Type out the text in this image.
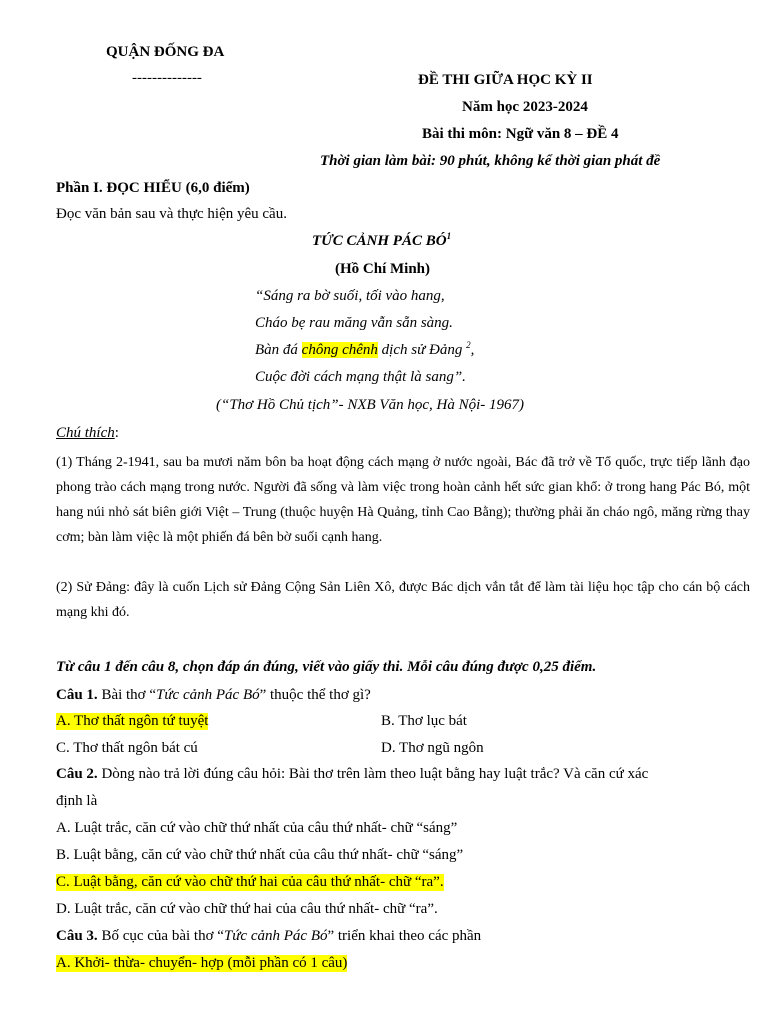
QUẬN ĐỐNG ĐA
--------------	ĐỀ THI GIỮA HỌC KỲ II
Năm học 2023-2024
Bài thi môn: Ngữ văn 8 – ĐỀ 4
Thời gian làm bài: 90 phút, không kể thời gian phát đề
Phần I. ĐỌC HIỂU (6,0 điểm)
Đọc văn bản sau và thực hiện yêu cầu.
TỨC CẢNH PÁC $BÓ^1$
(Hồ Chí Minh)
“Sáng ra bờ suối, tối vào hang,
Cháo bẹ rau măng vẫn sẵn sàng.
Bàn đá chông chênh dịch sử Đảng $^2$,
Cuộc đời cách mạng thật là sang”.
(“Thơ Hồ Chủ tịch”- NXB Văn học, Hà Nội- 1967)
Chú thích:
(1) Tháng 2-1941, sau ba mươi năm bôn ba hoạt động cách mạng ở nước ngoài, Bác đã trở về Tổ quốc, trực tiếp lãnh đạo phong trào cách mạng trong nước. Người đã sống và làm việc trong hoàn cảnh hết sức gian khổ: ở trong hang Pác Bó, một hang núi nhỏ sát biên giới Việt – Trung (thuộc huyện Hà Quảng, tỉnh Cao Bằng); thường phải ăn cháo ngô, măng rừng thay cơm; bàn làm việc là một phiến đá bên bờ suối cạnh hang.
(2) Sử Đảng: đây là cuốn Lịch sử Đảng Cộng Sản Liên Xô, được Bác dịch vắn tắt để làm tài liệu học tập cho cán bộ cách mạng khi đó.
Từ câu 1 đến câu 8, chọn đáp án đúng, viết vào giấy thi. Mỗi câu đúng được 0,25 điểm.
Câu 1. Bài thơ “Tức cảnh Pác Bó” thuộc thể thơ gì?
A. Thơ thất ngôn tứ tuyệt	B. Thơ lục bát
C. Thơ thất ngôn bát cú	D. Thơ ngũ ngôn
Câu 2. Dòng nào trả lời đúng câu hỏi: Bài thơ trên làm theo luật bằng hay luật trắc? Và căn cứ xác
định là
A. Luật trắc, căn cứ vào chữ thứ nhất của câu thứ nhất- chữ “sáng”
B. Luật bằng, căn cứ vào chữ thứ nhất của câu thứ nhất- chữ “sáng”
C. Luật bằng, căn cứ vào chữ thứ hai của câu thứ nhất- chữ “ra”.
D. Luật trắc, căn cứ vào chữ thứ hai của câu thứ nhất- chữ “ra”.
Câu 3. Bố cục của bài thơ “Tức cảnh Pác Bó” triển khai theo các phần
A. Khởi- thừa- chuyển- hợp (mỗi phần có 1 câu)
